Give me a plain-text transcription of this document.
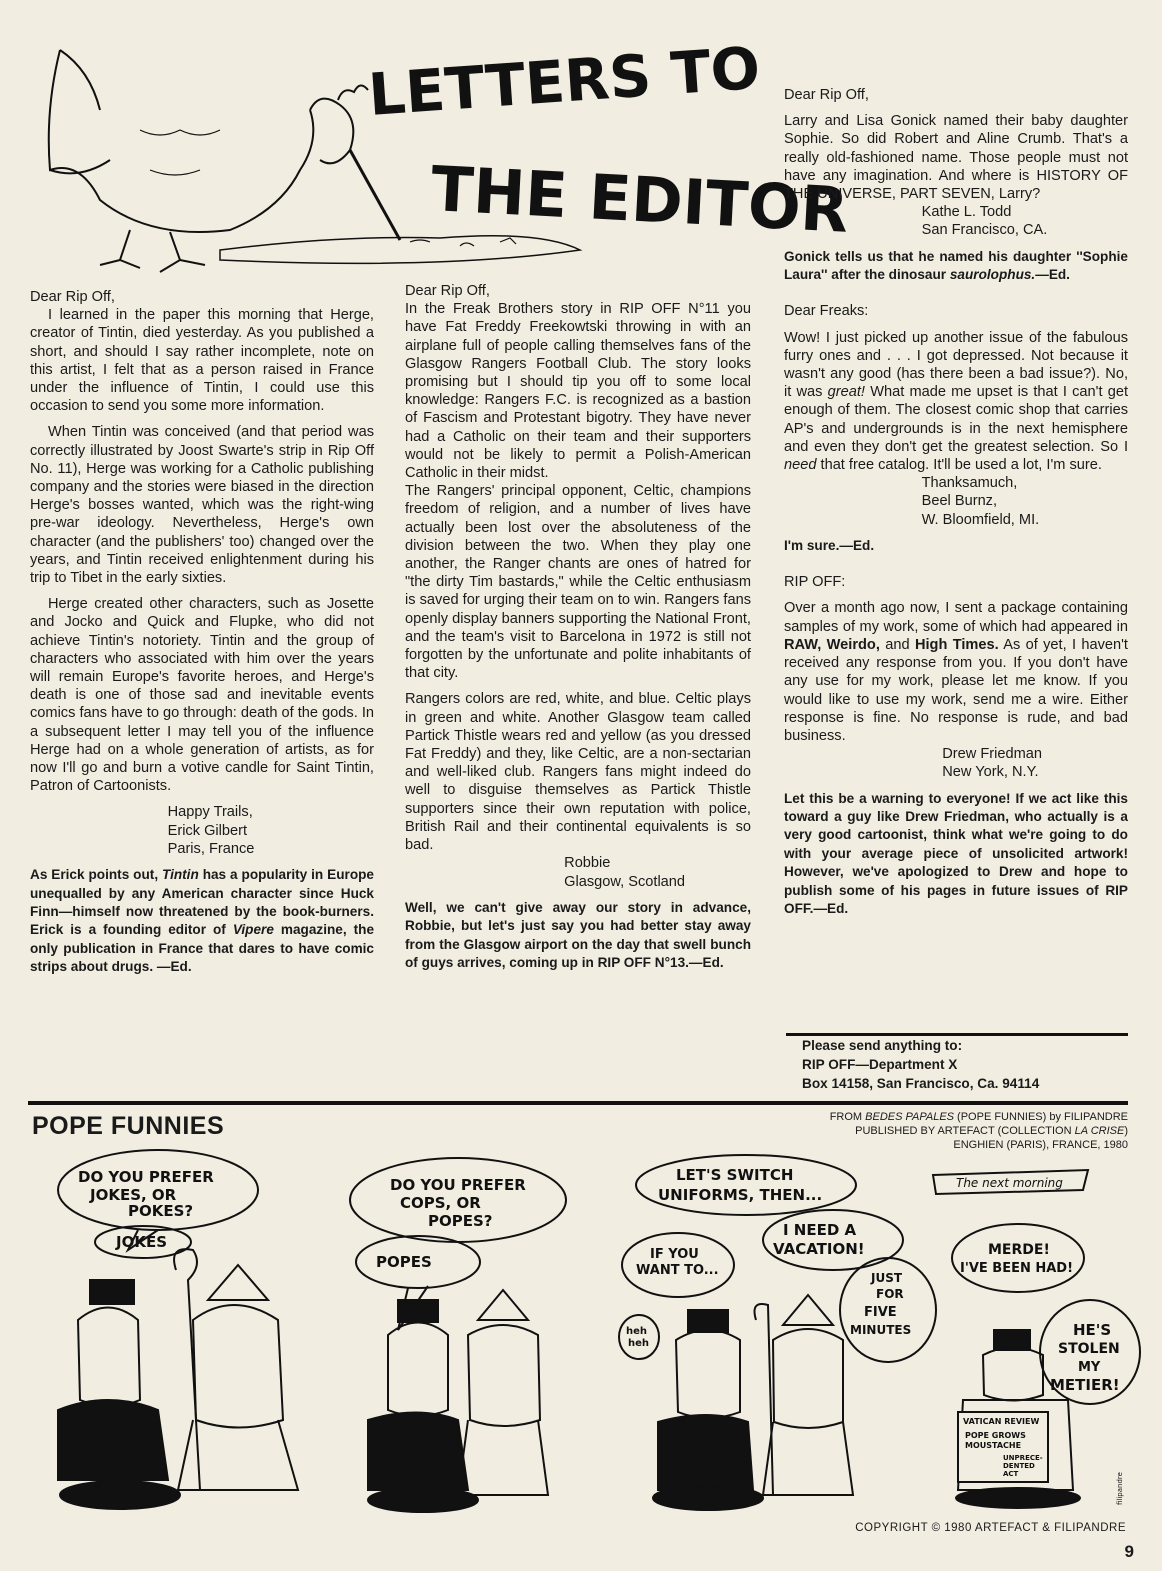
LETTERS TO
THE EDITOR

Dear Rip Off,

I learned in the paper this morning that Herge, creator of Tintin, died yesterday. As you published a short, and should I say rather incomplete, note on this artist, I felt that as a person raised in France under the influence of Tintin, I could use this occasion to send you some more information.

When Tintin was conceived (and that period was correctly illustrated by Joost Swarte's strip in Rip Off No. 11), Herge was working for a Catholic publishing company and the stories were biased in the direction Herge's bosses wanted, which was the right-wing pre-war ideology. Nevertheless, Herge's own character (and the publishers' too) changed over the years, and Tintin received enlightenment during his trip to Tibet in the early sixties.

Herge created other characters, such as Josette and Jocko and Quick and Flupke, who did not achieve Tintin's notoriety. Tintin and the group of characters who associated with him over the years will remain Europe's favorite heroes, and Herge's death is one of those sad and inevitable events comics fans have to go through: death of the gods. In a subsequent letter I may tell you of the influence Herge had on a whole generation of artists, as for now I'll go and burn a votive candle for Saint Tintin, Patron of Cartoonists.

Happy Trails,

Erick Gilbert

Paris, France

As Erick points out, Tintin has a popularity in Europe unequalled by any American character since Huck Finn—himself now threatened by the book-burners. Erick is a founding editor of Vipere magazine, the only publication in France that dares to have comic strips about drugs. —Ed.

Dear Rip Off,

In the Freak Brothers story in RIP OFF N°11 you have Fat Freddy Freekowtski throwing in with an airplane full of people calling themselves fans of the Glasgow Rangers Football Club. The story looks promising but I should tip you off to some local knowledge: Rangers F.C. is recognized as a bastion of Fascism and Protestant bigotry. They have never had a Catholic on their team and their supporters would not be likely to permit a Polish-American Catholic in their midst.

The Rangers' principal opponent, Celtic, champions freedom of religion, and a number of lives have actually been lost over the absoluteness of the division between the two. When they play one another, the Ranger chants are ones of hatred for "the dirty Tim bastards," while the Celtic enthusiasm is saved for urging their team on to win. Rangers fans openly display banners supporting the National Front, and the team's visit to Barcelona in 1972 is still not forgotten by the unfortunate and polite inhabitants of that city.

Rangers colors are red, white, and blue. Celtic plays in green and white. Another Glasgow team called Partick Thistle wears red and yellow (as you dressed Fat Freddy) and they, like Celtic, are a non-sectarian and well-liked club. Rangers fans might indeed do well to disguise themselves as Partick Thistle supporters since their own reputation with police, British Rail and their continental equivalents is so bad.

Robbie

Glasgow, Scotland

Well, we can't give away our story in advance, Robbie, but let's just say you had better stay away from the Glasgow airport on the day that swell bunch of guys arrives, coming up in RIP OFF N°13.—Ed.

Dear Rip Off,

Larry and Lisa Gonick named their baby daughter Sophie. So did Robert and Aline Crumb. That's a really old-fashioned name. Those people must not have any imagination. And where is HISTORY OF THE UNIVERSE, PART SEVEN, Larry?

Kathe L. Todd

San Francisco, CA.

Gonick tells us that he named his daughter ''Sophie Laura'' after the dinosaur saurolophus.—Ed.

Dear Freaks:

Wow! I just picked up another issue of the fabulous furry ones and . . . I got depressed. Not because it wasn't any good (has there been a bad issue?). No, it was great! What made me upset is that I can't get enough of them. The closest comic shop that carries AP's and undergrounds is in the next hemisphere and even they don't get the greatest selection. So I need that free catalog. It'll be used a lot, I'm sure.

Thanksamuch,

Beel Burnz,

W. Bloomfield, MI.

I'm sure.—Ed.

RIP OFF:

Over a month ago now, I sent a package containing samples of my work, some of which had appeared in RAW, Weirdo, and High Times. As of yet, I haven't received any response from you. If you don't have any use for my work, please let me know. If you would like to use my work, send me a wire. Either response is fine. No response is rude, and bad business.

Drew Friedman

New York, N.Y.

Let this be a warning to everyone! If we act like this toward a guy like Drew Friedman, who actually is a very good cartoonist, think what we're going to do with your average piece of unsolicited artwork! However, we've apologized to Drew and hope to publish some of his pages in future issues of RIP OFF.—Ed.

Please send anything to:
RIP OFF—Department X
Box 14158, San Francisco, Ca. 94114
POPE FUNNIES	FROM BEDES PAPALES (POPE FUNNIES) by FILIPANDRE
PUBLISHED BY ARTEFACT (COLLECTION LA CRISE)
ENGHIEN (PARIS), FRANCE, 1980
VATICAN REVIEW
POPE GROWS
MOUSTACHE
UNPRECE-
DENTED
ACT
DO YOU PREFER
JOKES, OR
POKES?
JOKES
DO YOU PREFER
COPS, OR
POPES?
POPES
LET'S SWITCH
UNIFORMS, THEN...
IF YOU
WANT TO...
I NEED A
VACATION!
JUST
FOR
FIVE
MINUTES
heh
heh
The next morning
MERDE!
I'VE BEEN HAD!
HE'S
STOLEN
MY
METIER!
filipandre
COPYRIGHT © 1980 ARTEFACT & FILIPANDRE
9
